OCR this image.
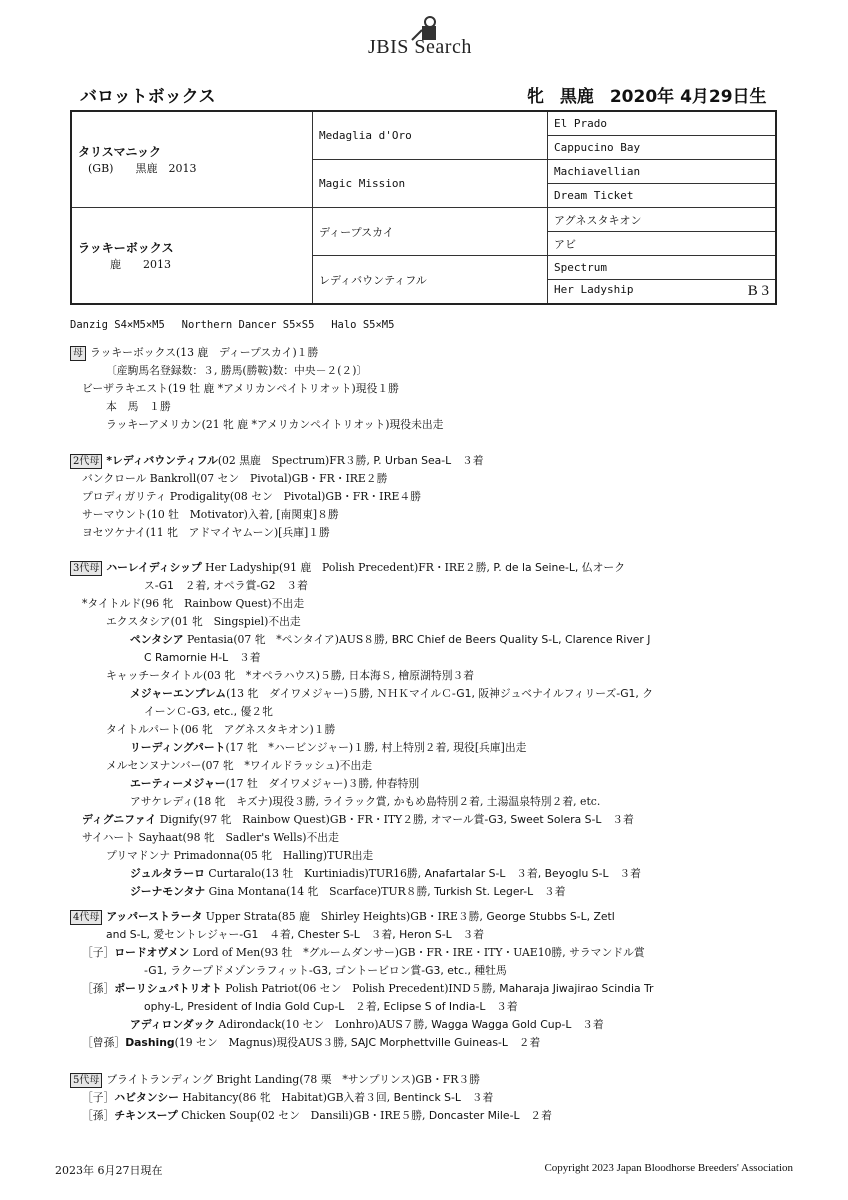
JBIS Search
バロットボックス	牝 黒鹿 2020年 4月29日生
タリスマニック
(GB)　　黒鹿　2013	Medaglia d'Oro	El Prado
		Cappucino Bay
	Magic Mission	Machiavellian
		Dream Ticket

ラッキーボックス
　　鹿　　2013	ディープスカイ	アグネスタキオン
		アビ
	レディバウンティフル	Spectrum
		Her Ladyship B 3
Danzig S4×M5×M5　 Northern Dancer S5×S5　 Halo S5×M5
母 ラッキーボックス(13 鹿　ディープスカイ)１勝
〔産駒馬名登録数：３, 勝馬(勝鞍)数：中央－２(２)〕
ビーザラキエスト(19 牡 鹿 *アメリカンペイトリオット)現役１勝
本　馬　１勝
ラッキーアメリカン(21 牝 鹿 *アメリカンペイトリオット)現役未出走
2代母 *レディバウンティフル(02 黒鹿　Spectrum)FR３勝, P. Urban Sea-L　３着
バンクロール Bankroll(07 セン　Pivotal)GB・FR・IRE２勝
プロディガリティ Prodigality(08 セン　Pivotal)GB・FR・IRE４勝
サーマウント(10 牡　Motivator)入着, [南関東]８勝
ヨセツケナイ(11 牝　アドマイヤムーン)[兵庫]１勝
3代母 ハーレイディシップ Her Ladyship(91 鹿　Polish Precedent)FR・IRE２勝, P. de la Seine-L, 仏オーク
ス-G1　２着, オペラ賞-G2　３着
*タイトルド(96 牝　Rainbow Quest)不出走
エクスタシア(01 牝　Singspiel)不出走
ペンタシア Pentasia(07 牝　*ペンタイア)AUS８勝, BRC Chief de Beers Quality S-L, Clarence River J
C Ramornie H-L　３着
キャッチータイトル(03 牝　*オペラハウス)５勝, 日本海Ｓ, 檜原湖特別３着
メジャーエンブレム(13 牝　ダイワメジャー)５勝, ＮＨＫマイルＣ-G1, 阪神ジュベナイルフィリーズ-G1, ク
イーンＣ-G3, etc., 優２牝
タイトルパート(06 牝　アグネスタキオン)１勝
リーディングパート(17 牝　*ハービンジャー)１勝, 村上特別２着, 現役[兵庫]出走
メルセンヌナンバー(07 牝　*ワイルドラッシュ)不出走
エーティーメジャー(17 牡　ダイワメジャー)３勝, 仲春特別
アサケレディ(18 牝　キズナ)現役３勝, ライラック賞, かもめ島特別２着, 土湯温泉特別２着, etc.
ディグニファイ Dignify(97 牝　Rainbow Quest)GB・FR・ITY２勝, オマール賞-G3, Sweet Solera S-L　３着
サイハート Sayhaat(98 牝　Sadler's Wells)不出走
プリマドンナ Primadonna(05 牝　Halling)TUR出走
ジュルタラーロ Curtaralo(13 牡　Kurtiniadis)TUR16勝, Anafartalar S-L　３着, Beyoglu S-L　３着
ジーナモンタナ Gina Montana(14 牝　Scarface)TUR８勝, Turkish St. Leger-L　３着
4代母 アッパーストラータ Upper Strata(85 鹿　Shirley Heights)GB・IRE３勝, George Stubbs S-L, Zetl
and S-L, 愛セントレジャー-G1　４着, Chester S-L　３着, Heron S-L　３着
［子］ロードオヴメン Lord of Men(93 牡　*グルームダンサー)GB・FR・IRE・ITY・UAE10勝, サラマンドル賞
-G1, ラクープドメゾンラフィット-G3, ゴントービロン賞-G3, etc., 種牡馬
［孫］ポーリシュパトリオト Polish Patriot(06 セン　Polish Precedent)IND５勝, Maharaja Jiwajirao Scindia Tr
ophy-L, President of India Gold Cup-L　２着, Eclipse S of India-L　３着
アディロンダック Adirondack(10 セン　Lonhro)AUS７勝, Wagga Wagga Gold Cup-L　３着
［曾孫］Dashing(19 セン　Magnus)現役AUS３勝, SAJC Morphettville Guineas-L　２着
5代母 ブライトランディング Bright Landing(78 栗　*サンプリンス)GB・FR３勝
［子］ハビタンシー Habitancy(86 牝　Habitat)GB入着３回, Bentinck S-L　３着
［孫］チキンスープ Chicken Soup(02 セン　Dansili)GB・IRE５勝, Doncaster Mile-L　２着
2023年 6月27日現在	Copyright 2023 Japan Bloodhorse Breeders' Association
